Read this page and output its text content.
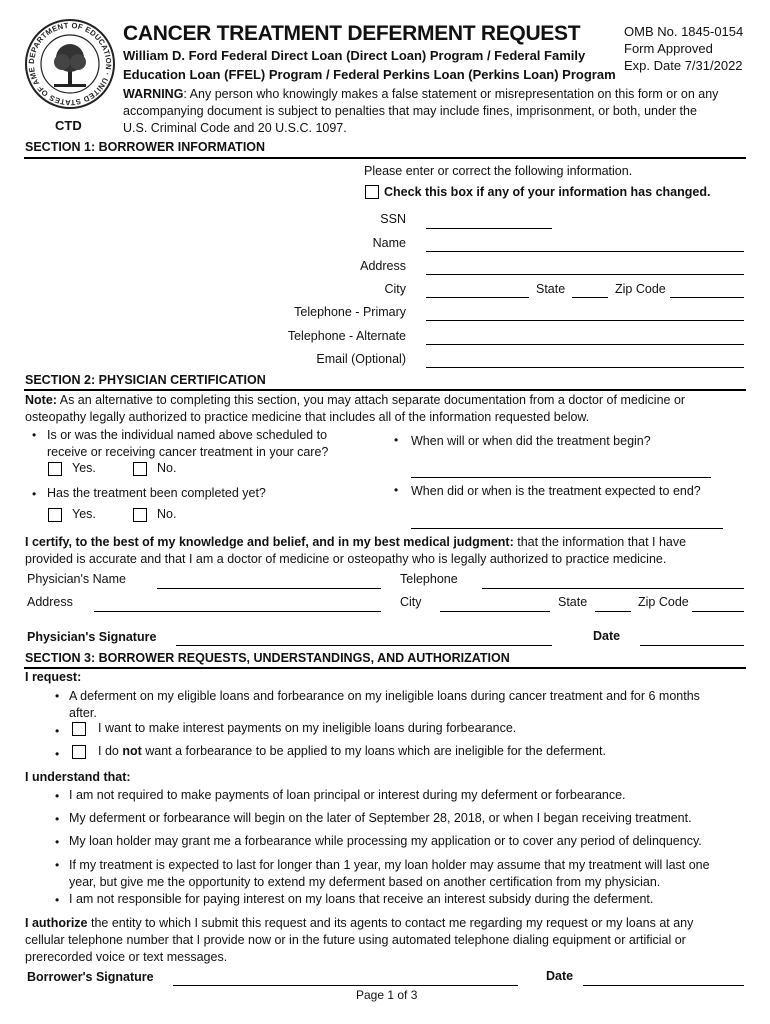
DEPARTMENT OF EDUCATION · UNITED STATES OF AME
CTD
CANCER TREATMENT DEFERMENT REQUEST
William D. Ford Federal Direct Loan (Direct Loan) Program / Federal Family
Education Loan (FFEL) Program / Federal Perkins Loan (Perkins Loan) Program
OMB No. 1845-0154
Form Approved
Exp. Date 7/31/2022
WARNING: Any person who knowingly makes a false statement or misrepresentation on this form or on any
accompanying document is subject to penalties that may include fines, imprisonment, or both, under the
U.S. Criminal Code and 20 U.S.C. 1097.
SECTION 1: BORROWER INFORMATION
Please enter or correct the following information.
Check this box if any of your information has changed.
SSN
Name
Address
City	State	Zip Code
Telephone - Primary
Telephone - Alternate
Email (Optional)
SECTION 2: PHYSICIAN CERTIFICATION
Note: As an alternative to completing this section, you may attach separate documentation from a doctor of medicine or
osteopathy legally authorized to practice medicine that includes all of the information requested below.
• Is or was the individual named above scheduled to
receive or receiving cancer treatment in your care?
Yes.	No.
• When will or when did the treatment begin?
• Has the treatment been completed yet?
Yes.	No.
• When did or when is the treatment expected to end?
I certify, to the best of my knowledge and belief, and in my best medical judgment: that the information that I have
provided is accurate and that I am a doctor of medicine or osteopathy who is legally authorized to practice medicine.
Physician's Name	Telephone
Address	City	State	Zip Code
Physician's Signature	Date
SECTION 3: BORROWER REQUESTS, UNDERSTANDINGS, AND AUTHORIZATION
I request:
• A deferment on my eligible loans and forbearance on my ineligible loans during cancer treatment and for 6 months
after.
•	I want to make interest payments on my ineligible loans during forbearance.
•	I do not want a forbearance to be applied to my loans which are ineligible for the deferment.
I understand that:
• I am not required to make payments of loan principal or interest during my deferment or forbearance.
• My deferment or forbearance will begin on the later of September 28, 2018, or when I began receiving treatment.
• My loan holder may grant me a forbearance while processing my application or to cover any period of delinquency.
• If my treatment is expected to last for longer than 1 year, my loan holder may assume that my treatment will last one
year, but give me the opportunity to extend my deferment based on another certification from my physician.
• I am not responsible for paying interest on my loans that receive an interest subsidy during the deferment.
I authorize the entity to which I submit this request and its agents to contact me regarding my request or my loans at any
cellular telephone number that I provide now or in the future using automated telephone dialing equipment or artificial or
prerecorded voice or text messages.
Borrower's Signature	Date
Page 1 of 3
